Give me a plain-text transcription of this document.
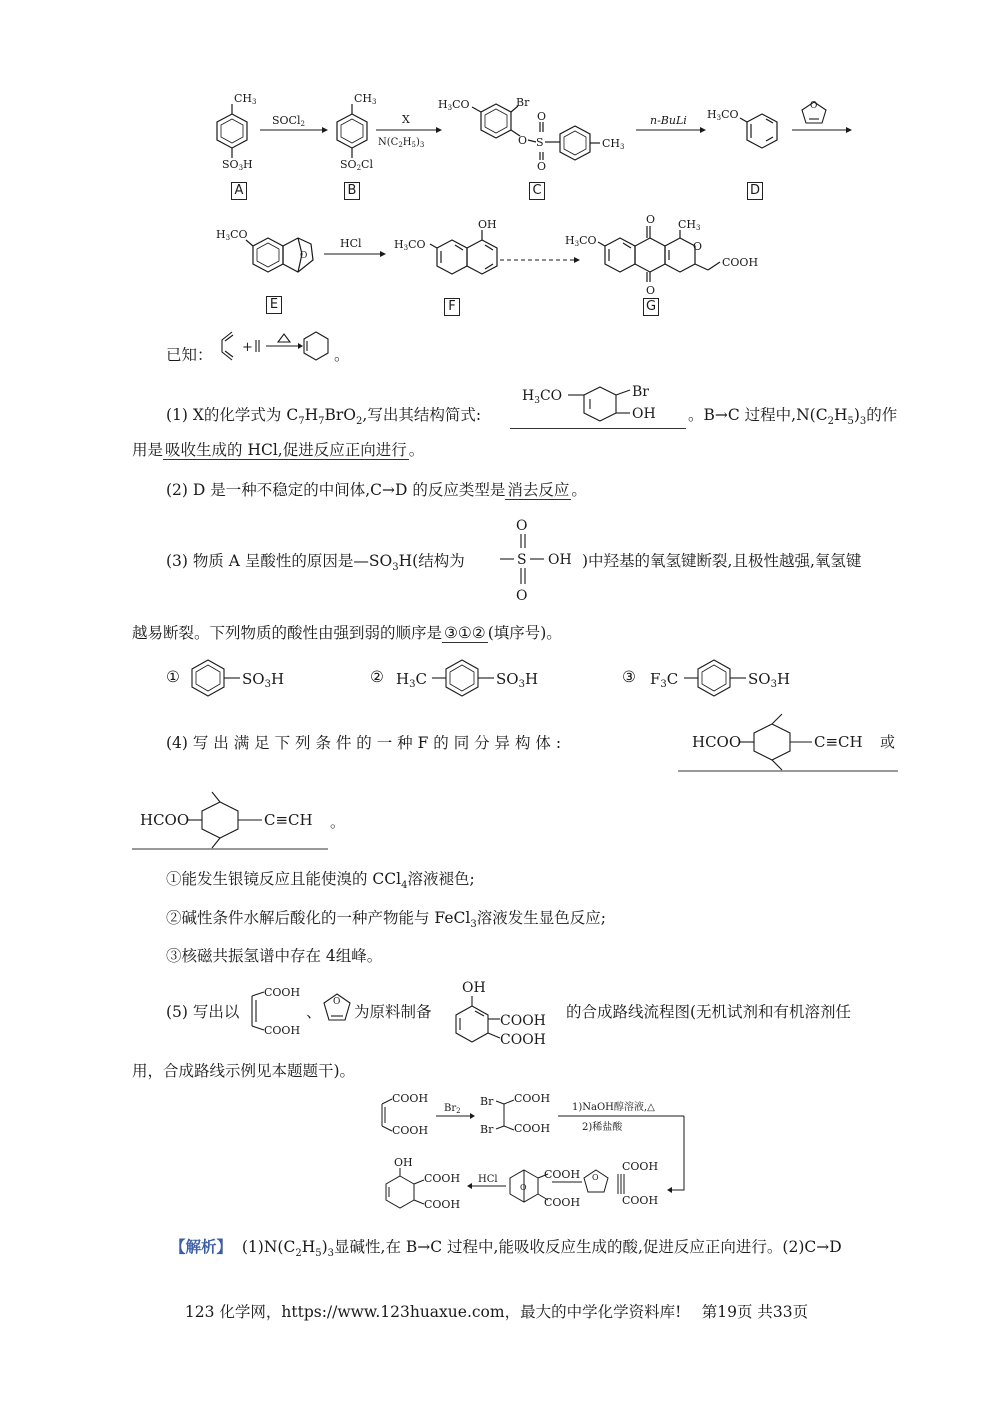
CH3
SO3H
SOCl2
CH3
SO2Cl
X
$N(C_2H_5)_3$
H3CO	Br
O S
O
O
CH3
n-BuLi H3CO
O
A	B	C	D
H3CO
O
HCl
OH
H3CO
O
O
O
CH3
COOH
H3CO
E	F	G
已知： +	。
(1) X的化学式为 $C_7H_7BrO_2$,写出其结构简式:
$H_3CO$	Br
OH 。B→C 过程中$,N(C_2H_5)_3$的作
用是 吸收生成的 HCl,促进反应正向进行 。
(2) D 是一种不稳定的中间体,C→D 的反应类型是 消去反应 。
(3) 物质 A 呈酸性的原因是$—SO_3H$(结构为
O
S
O
OH )中羟基的氧氢键断裂,且极性越强,氧氢键
越易断裂。下列物质的酸性由强到弱的顺序是 ③①② (填序号)。
①	$SO_3H$	② $H_3C$	$SO_3H$	③ $F_3C$	$SO_3H$
(4) 写 出 满 足 下 列 条 件 的 一 种 F 的 同 分 异 构 体 :	HCOO	C≡CH 或
HCOO	C≡CH 。
①能发生银镜反应且能使溴的 CCl$_4$溶液褪色;
②碱性条件水解后酸化的一种产物能与 FeCl$_3$溶液发生显色反应;
③核磁共振氢谱中存在 4组峰。
(5) 写出以
COOH
COOH
、
O
为原料制备
OH
COOH
COOH
的合成路线流程图(无机试剂和有机溶剂任
用，合成路线示例见本题题干)。
COOH
COOH
$Br_2$
Br
Br
COOH
COOH
1)NaOH醇溶液,△
2)稀盐酸
COOH
COOH
O
O
COOH
COOH
HCl
OH
COOH
COOH
【解析】 $(1)N(C_2H_5)_3$显碱性,在 B→C 过程中,能吸收反应生成的酸,促进反应正向进行。(2)C→D
123 化学网，https://www.123huaxue.com，最大的中学化学资料库!　 第19页 共33页
